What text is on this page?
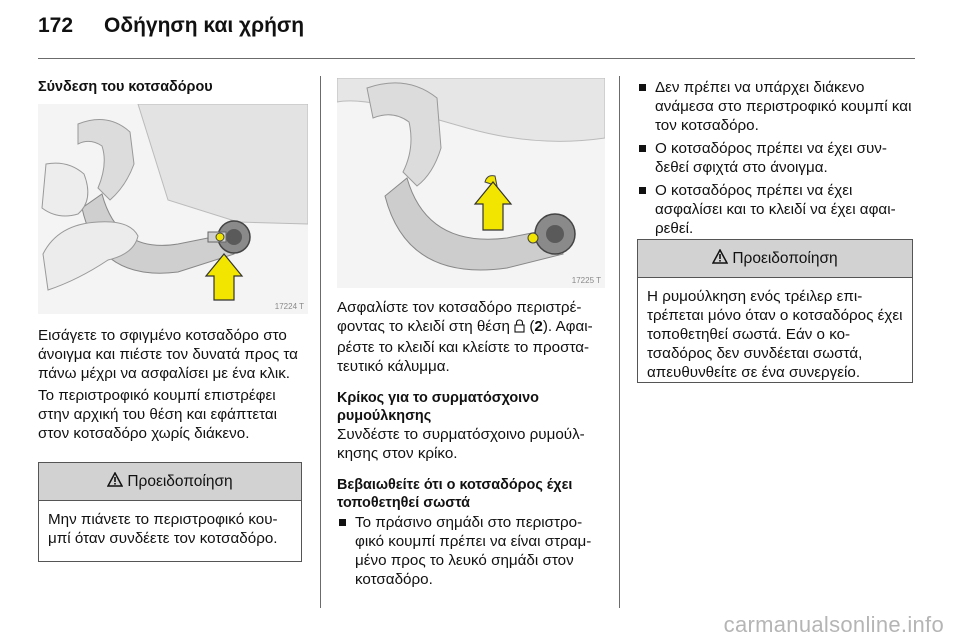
172 Οδήγηση και χρήση
Σύνδεση του κοτσαδόρου
17224 T

Εισάγετε το σφιγμένο κοτσαδόρο στο άνοιγμα και πιέστε τον δυνατά προς τα πάνω μέχρι να ασφαλίσει με ένα κλικ.

Το περιστροφικό κουμπί επιστρέφει στην αρχική του θέση και εφάπτεται στον κοτσαδόρο χωρίς διάκενο.

Προειδοποίηση
Μην πιάνετε το περιστροφικό κου-μπί όταν συνδέετε τον κοτσαδόρο.
17225 T

Ασφαλίστε τον κοτσαδόρο περιστρέ-φοντας το κλειδί στη θέση  (2). Αφαι-ρέστε το κλειδί και κλείστε το προστα-τευτικό κάλυμμα.

Κρίκος για το συρματόσχοινο ρυμούλκησης

Συνδέστε το συρματόσχοινο ρυμούλ-κησης στον κρίκο.

Βεβαιωθείτε ότι ο κοτσαδόρος έχει τοποθετηθεί σωστά
Το πράσινο σημάδι στο περιστρο-φικό κουμπί πρέπει να είναι στραμ-μένο προς το λευκό σημάδι στον κοτσαδόρο.
Δεν πρέπει να υπάρχει διάκενο ανάμεσα στο περιστροφικό κουμπί και τον κοτσαδόρο.
Ο κοτσαδόρος πρέπει να έχει συν-δεθεί σφιχτά στο άνοιγμα.
Ο κοτσαδόρος πρέπει να έχει ασφαλίσει και το κλειδί να έχει αφαι-ρεθεί.
Προειδοποίηση
Η ρυμούλκηση ενός τρέιλερ επι-τρέπεται μόνο όταν ο κοτσαδόρος έχει τοποθετηθεί σωστά. Εάν ο κο-τσαδόρος δεν συνδέεται σωστά, απευθυνθείτε σε ένα συνεργείο.
carmanualsonline.info
